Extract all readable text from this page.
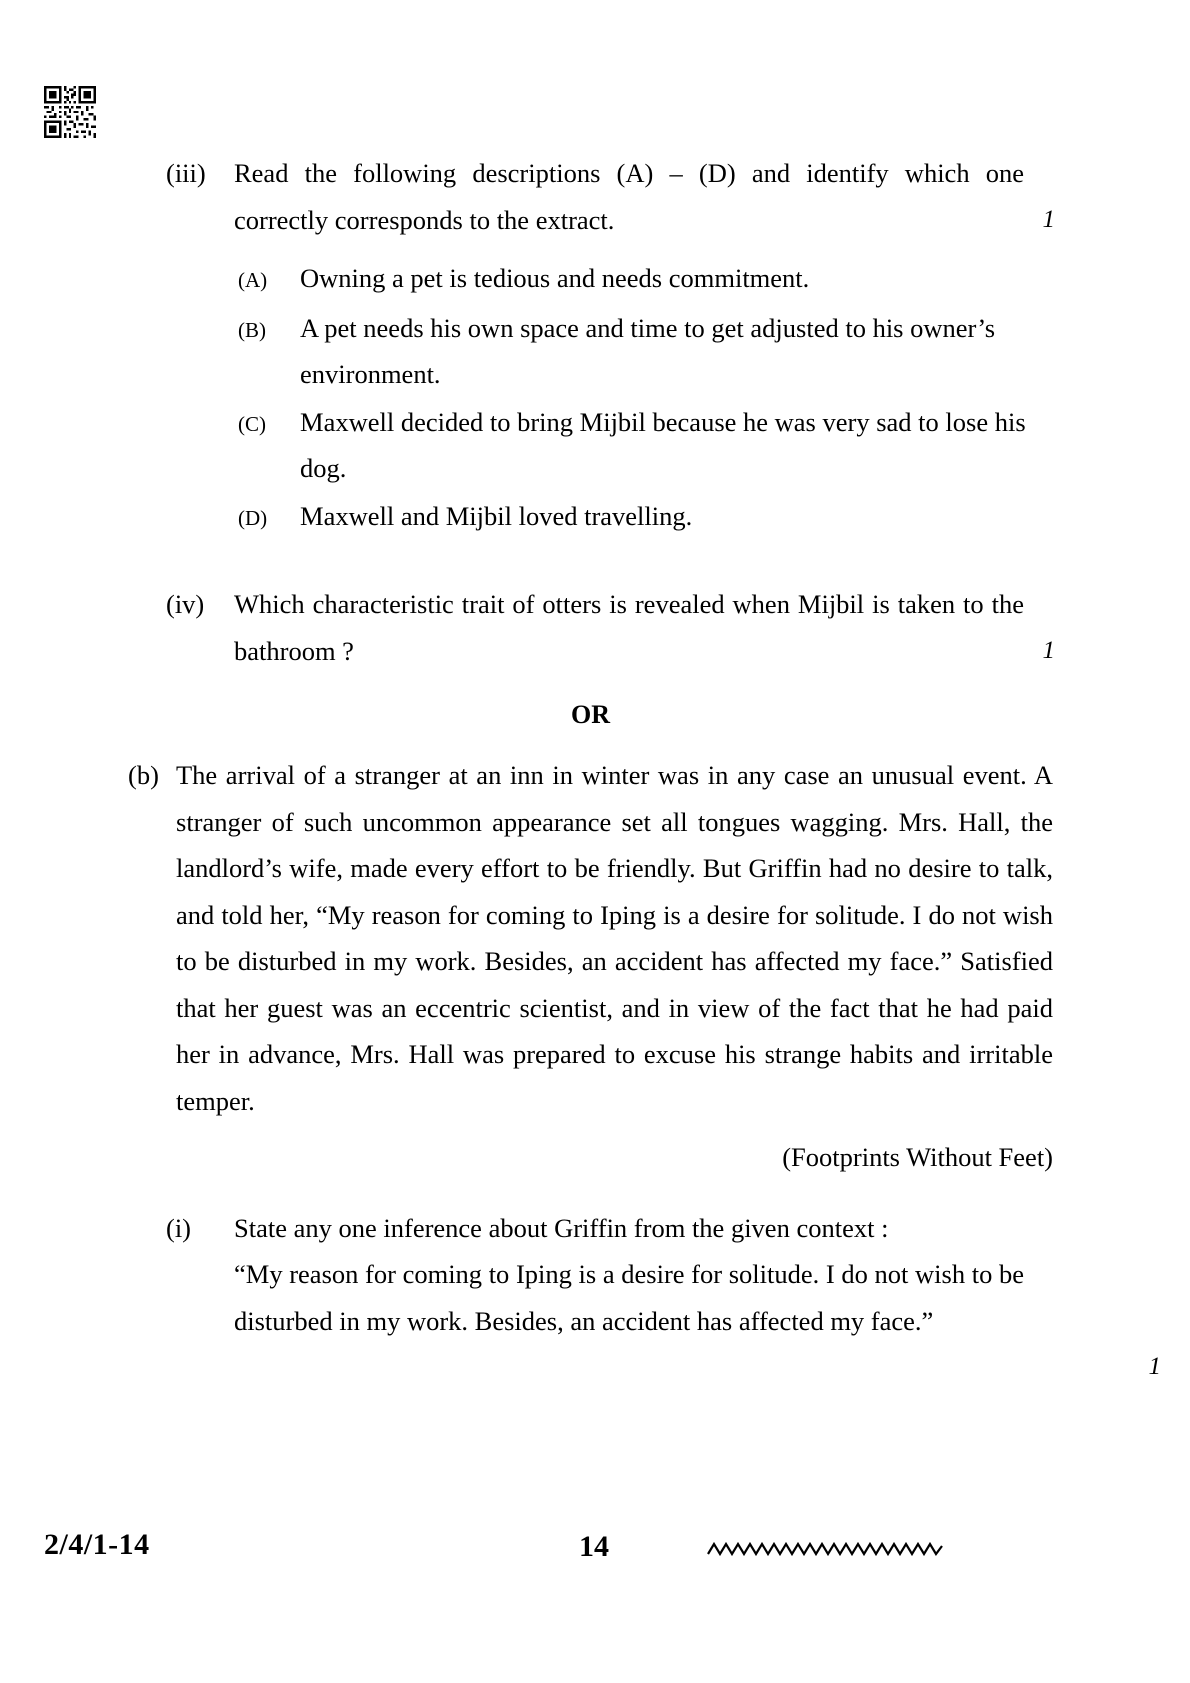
(iii)	Read the following descriptions (A) – (D) and identify which one correctly corresponds to the extract.	1
(A)	Owning a pet is tedious and needs commitment.
(B)	A pet needs his own space and time to get adjusted to his owner’s environment.
(C)	Maxwell decided to bring Mijbil because he was very sad to lose his dog.
(D)	Maxwell and Mijbil loved travelling.
(iv)	Which characteristic trait of otters is revealed when Mijbil is taken to the bathroom ?	1
OR
(b) The arrival of a stranger at an inn in winter was in any case an unusual event. A stranger of such uncommon appearance set all tongues wagging. Mrs. Hall, the landlord’s wife, made every effort to be friendly. But Griffin had no desire to talk, and told her, “My reason for coming to Iping is a desire for solitude. I do not wish to be disturbed in my work. Besides, an accident has affected my face.” Satisfied that her guest was an eccentric scientist, and in view of the fact that he had paid her in advance, Mrs. Hall was prepared to excuse his strange habits and irritable temper.
(Footprints Without Feet)
(i)	State any one inference about Griffin from the given context :
“My reason for coming to Iping is a desire for solitude. I do not wish to be disturbed in my work. Besides, an accident has affected my face.”
1
2/4/1-14	14
